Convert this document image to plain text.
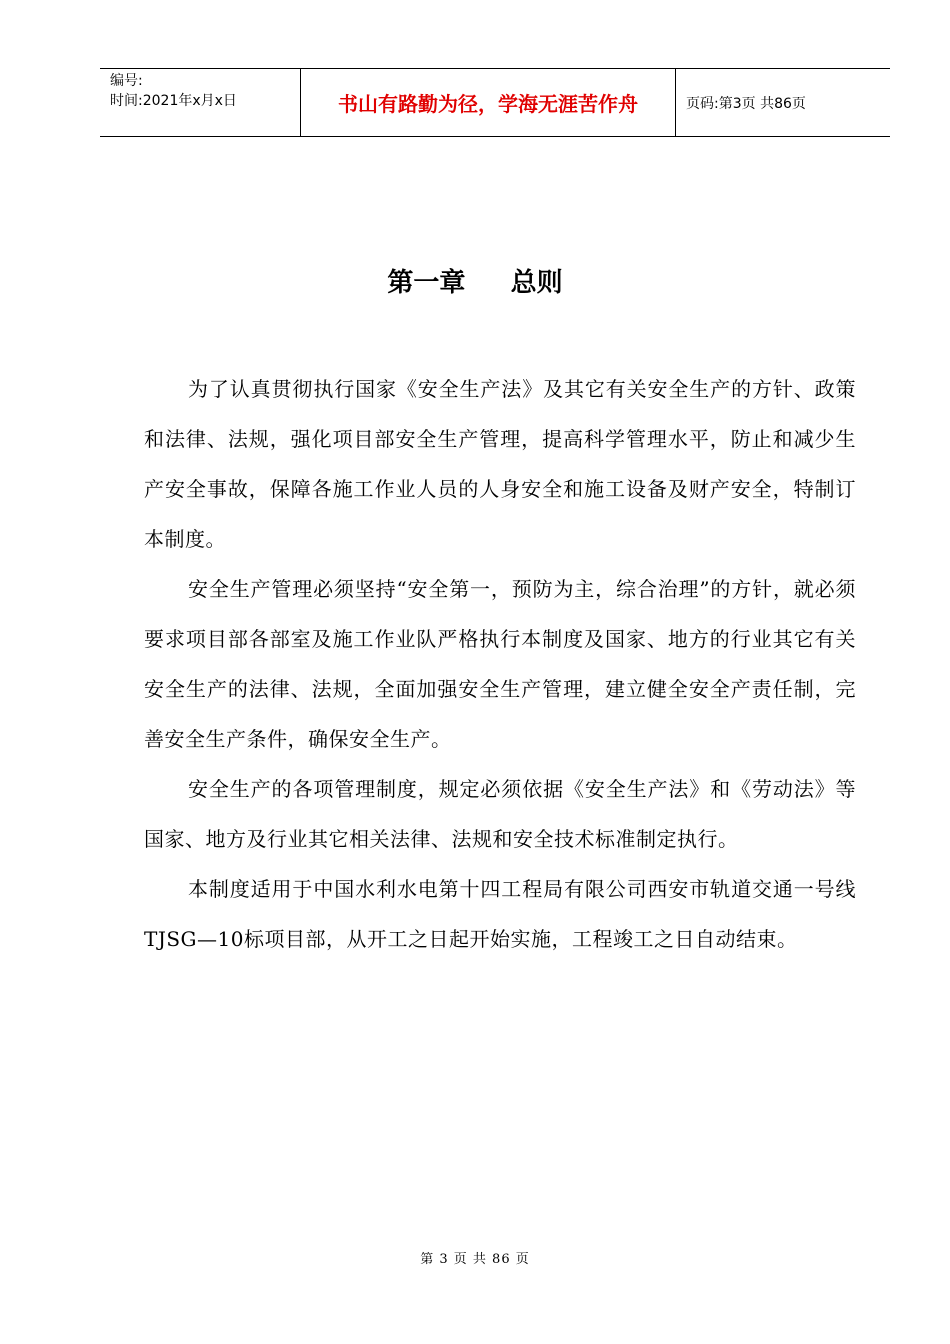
编号:
时间:2021年x月x日	书山有路勤为径，学海无涯苦作舟	页码:第3页 共86页
第一章     总则

为了认真贯彻执行国家《安全生产法》及其它有关安全生产的方针、政策和法律、法规，强化项目部安全生产管理，提高科学管理水平，防止和减少生产安全事故，保障各施工作业人员的人身安全和施工设备及财产安全，特制订本制度。

安全生产管理必须坚持“安全第一，预防为主，综合治理”的方针，就必须要求项目部各部室及施工作业队严格执行本制度及国家、地方的行业其它有关安全生产的法律、法规，全面加强安全生产管理，建立健全安全产责任制，完善安全生产条件，确保安全生产。

安全生产的各项管理制度，规定必须依据《安全生产法》和《劳动法》等国家、地方及行业其它相关法律、法规和安全技术标准制定执行。

本制度适用于中国水利水电第十四工程局有限公司西安市轨道交通一号线TJSG—10标项目部，从开工之日起开始实施，工程竣工之日自动结束。

第 3 页 共 86 页
